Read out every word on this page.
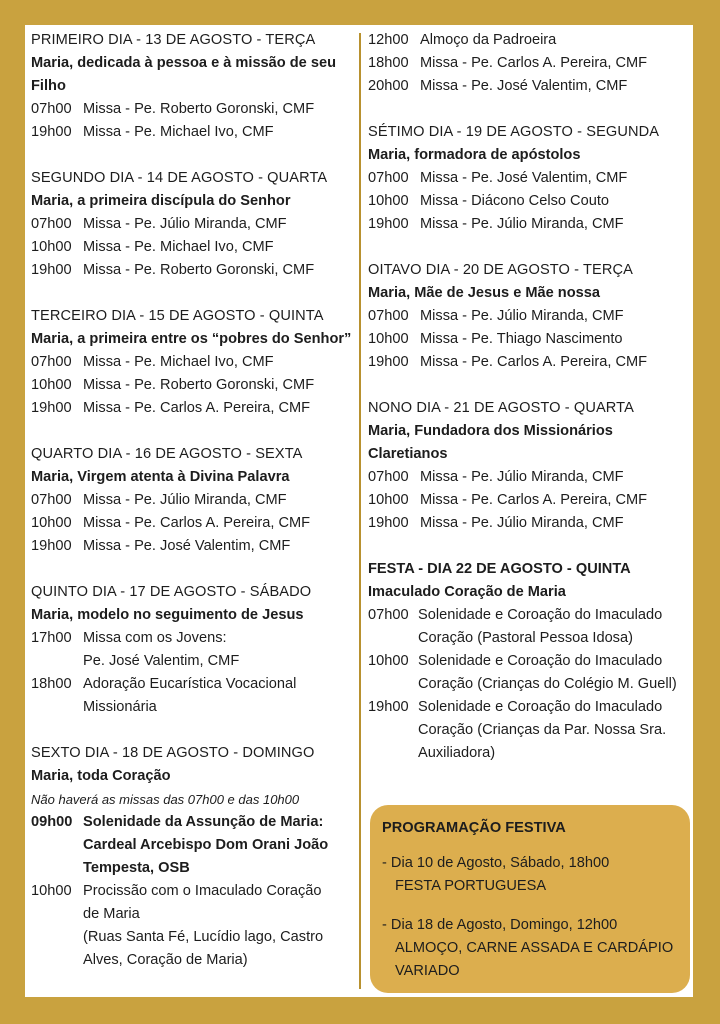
PRIMEIRO DIA - 13 DE AGOSTO - TERÇA
Maria, dedicada à pessoa e à missão de seu Filho
07h00 Missa - Pe. Roberto Goronski, CMF
19h00 Missa - Pe. Michael Ivo, CMF
SEGUNDO DIA - 14 DE AGOSTO - QUARTA
Maria, a primeira discípula do Senhor
07h00 Missa - Pe. Júlio Miranda, CMF
10h00 Missa - Pe. Michael Ivo, CMF
19h00 Missa - Pe. Roberto Goronski, CMF
TERCEIRO DIA - 15 DE AGOSTO - QUINTA
Maria, a primeira entre os “pobres do Senhor”
07h00 Missa - Pe. Michael Ivo, CMF
10h00 Missa - Pe. Roberto Goronski, CMF
19h00 Missa - Pe. Carlos A. Pereira, CMF
QUARTO DIA - 16 DE AGOSTO - SEXTA
Maria, Virgem atenta à Divina Palavra
07h00 Missa - Pe. Júlio Miranda, CMF
10h00 Missa - Pe. Carlos A. Pereira, CMF
19h00 Missa - Pe. José Valentim, CMF
QUINTO DIA - 17 DE AGOSTO - SÁBADO
Maria, modelo no seguimento de Jesus
17h00 Missa com os Jovens:
Pe. José Valentim, CMF
18h00 Adoração Eucarística Vocacional
Missionária
SEXTO DIA - 18 DE AGOSTO - DOMINGO
Maria, toda Coração
Não haverá as missas das 07h00 e das 10h00
09h00 Solenidade da Assunção de Maria:
Cardeal Arcebispo Dom Orani João
Tempesta, OSB
10h00 Procissão com o Imaculado Coração
de Maria
(Ruas Santa Fé, Lucídio lago, Castro
Alves, Coração de Maria)
12h00 Almoço da Padroeira
18h00 Missa - Pe. Carlos A. Pereira, CMF
20h00 Missa - Pe. José Valentim, CMF
SÉTIMO DIA - 19 DE AGOSTO - SEGUNDA
Maria, formadora de apóstolos
07h00 Missa - Pe. José Valentim, CMF
10h00 Missa - Diácono Celso Couto
19h00 Missa - Pe. Júlio Miranda, CMF
OITAVO DIA - 20 DE AGOSTO - TERÇA
Maria, Mãe de Jesus e Mãe nossa
07h00 Missa - Pe. Júlio Miranda, CMF
10h00 Missa - Pe. Thiago Nascimento
19h00 Missa - Pe. Carlos A. Pereira, CMF
NONO DIA - 21 DE AGOSTO - QUARTA
Maria, Fundadora dos Missionários Claretianos
07h00 Missa - Pe. Júlio Miranda, CMF
10h00 Missa - Pe. Carlos A. Pereira, CMF
19h00 Missa - Pe. Júlio Miranda, CMF
FESTA - DIA 22 DE AGOSTO - QUINTA
Imaculado Coração de Maria
07h00 Solenidade e Coroação do Imaculado
Coração (Pastoral Pessoa Idosa)
10h00 Solenidade e Coroação do Imaculado
Coração (Crianças do Colégio M. Guell)
19h00 Solenidade e Coroação do Imaculado
Coração (Crianças da Par. Nossa Sra.
Auxiliadora)
PROGRAMAÇÃO FESTIVA
- Dia 10 de Agosto, Sábado, 18h00
FESTA PORTUGUESA
- Dia 18 de Agosto, Domingo, 12h00
ALMOÇO, CARNE ASSADA E CARDÁPIO
VARIADO
